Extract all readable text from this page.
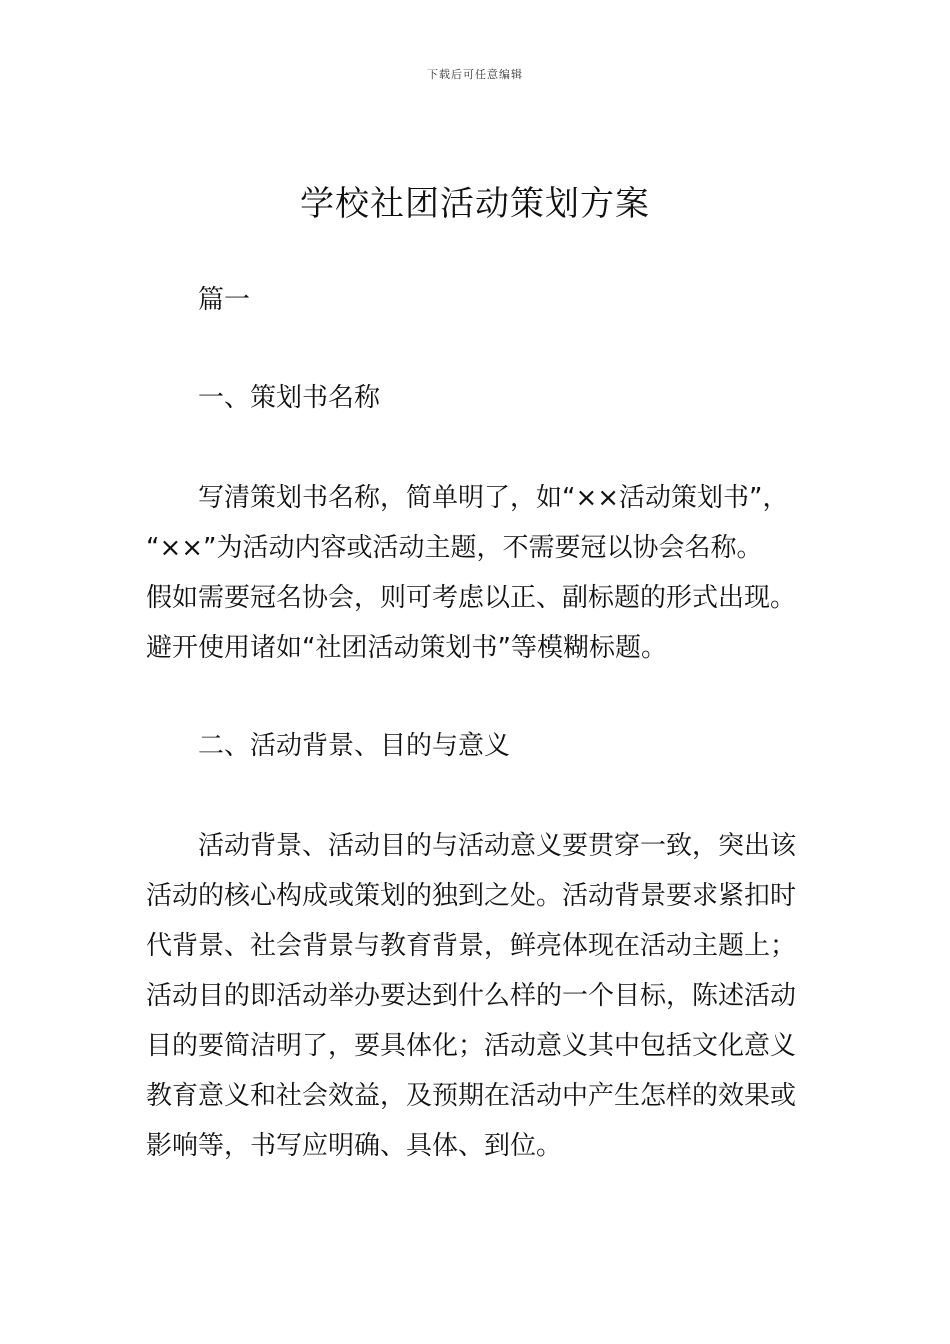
下载后可任意编辑
学校社团活动策划方案
篇一
一、策划书名称
写清策划书名称，简单明了，如“××活动策划书”，
“××”为活动内容或活动主题，不需要冠以协会名称。
假如需要冠名协会，则可考虑以正、副标题的形式出现。
避开使用诸如“社团活动策划书”等模糊标题。
二、活动背景、目的与意义
活动背景、活动目的与活动意义要贯穿一致，突出该
活动的核心构成或策划的独到之处。活动背景要求紧扣时
代背景、社会背景与教育背景，鲜亮体现在活动主题上；
活动目的即活动举办要达到什么样的一个目标，陈述活动
目的要简洁明了，要具体化；活动意义其中包括文化意义
教育意义和社会效益，及预期在活动中产生怎样的效果或
影响等，书写应明确、具体、到位。
